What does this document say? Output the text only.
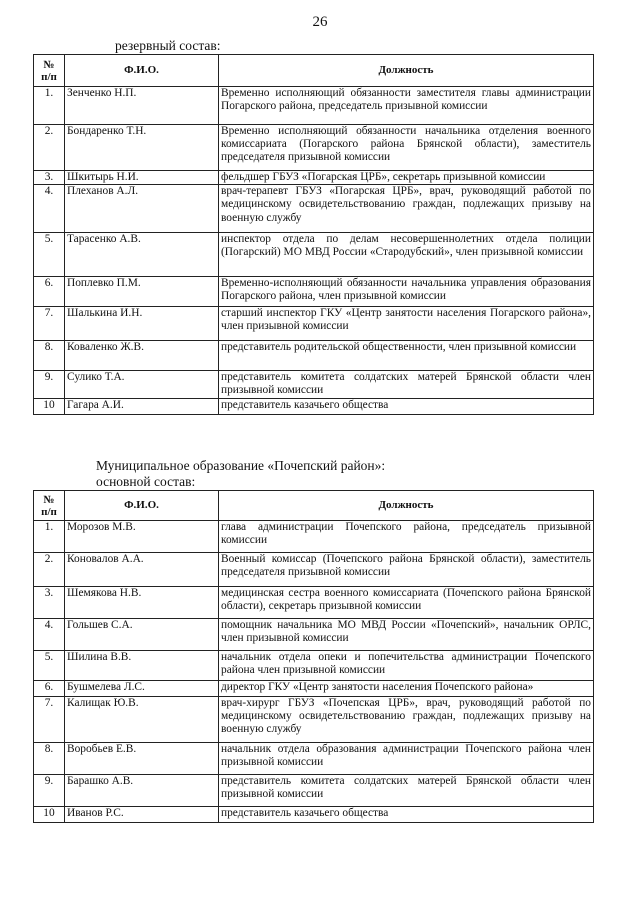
26
резервный состав:
№
п/п	Ф.И.О.	Должность
1.	Зенченко Н.П.	Временно исполняющий обязанности заместителя главы администрации Погарского района, председатель призывной комиссии
2.	Бондаренко Т.Н.	Временно исполняющий обязанности начальника отделения военного комиссариата (Погарского района Брянской области), заместитель председателя призывной комиссии
3.	Шкитырь Н.И.	фельдшер ГБУЗ «Погарская ЦРБ», секретарь призывной комиссии
4.	Плеханов А.Л.	врач-терапевт ГБУЗ «Погарская ЦРБ», врач, руководящий работой по медицинскому освидетельствованию граждан, подлежащих призыву на военную службу
5.	Тарасенко А.В.	инспектор отдела по делам несовершеннолетних отдела полиции (Погарский) МО МВД России «Стародубский», член призывной комиссии
6.	Поплевко П.М.	Временно-исполняющий обязанности начальника управления образования Погарского района, член призывной комиссии
7.	Шалькина И.Н.	старший инспектор ГКУ «Центр занятости населения Погарского района», член призывной комиссии
8.	Коваленко Ж.В.	представитель родительской общественности, член призывной комиссии
9.	Сулико Т.А.	представитель комитета солдатских матерей Брянской области член призывной комиссии
10	Гагара А.И.	представитель казачьего общества
Муниципальное образование «Почепский район»:
основной состав:
№
п/п	Ф.И.О.	Должность
1.	Морозов М.В.	глава администрации Почепского района, председатель призывной комиссии
2.	Коновалов А.А.	Военный комиссар (Почепского района Брянской области), заместитель председателя призывной комиссии
3.	Шемякова Н.В.	медицинская сестра военного комиссариата (Почепского района Брянской области), секретарь призывной комиссии
4.	Гольшев С.А.	помощник начальника МО МВД России «Почепский», начальник ОРЛС, член призывной комиссии
5.	Шилина В.В.	начальник отдела опеки и попечительства администрации Почепского района член призывной комиссии
6.	Бушмелева Л.С.	директор ГКУ «Центр занятости населения Почепского района»
7.	Калищак Ю.В.	врач-хирург ГБУЗ «Почепская ЦРБ», врач, руководящий работой по медицинскому освидетельствованию граждан, подлежащих призыву на военную службу
8.	Воробьев Е.В.	начальник отдела образования администрации Почепского района член призывной комиссии
9.	Барашко А.В.	представитель комитета солдатских матерей Брянской области член призывной комиссии
10	Иванов Р.С.	представитель казачьего общества
